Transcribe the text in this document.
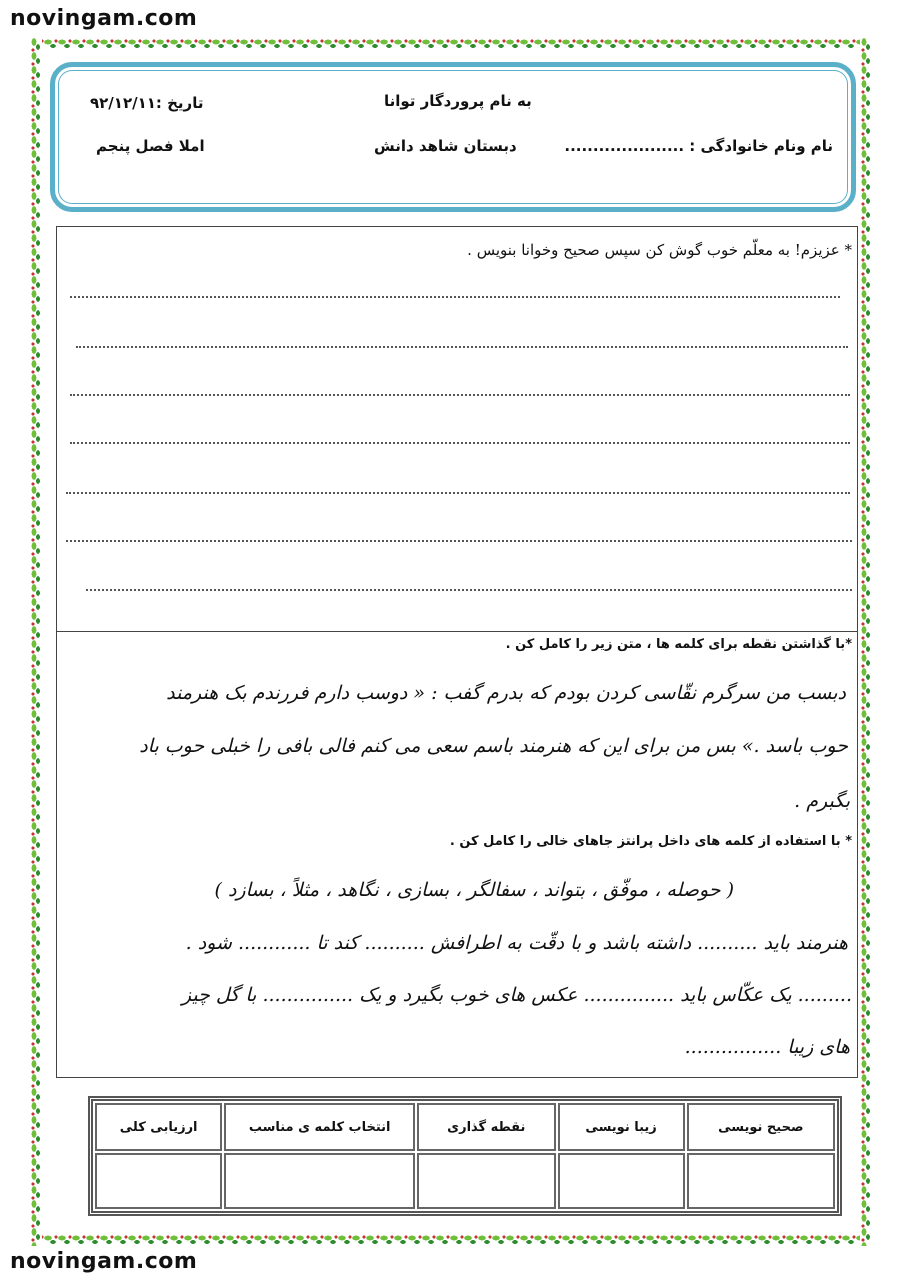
novingam.com
به نام پروردگار توانا
تاریخ :۹۲/۱۲/۱۱
نام ونام خانوادگی : .....................
دبستان شاهد دانش
املا فصل پنجم
* عزیزم! به معلّم خوب گوش کن سپس صحیح وخوانا بنویس .
*با گذاشتن نقطه برای کلمه ها ، متن زیر را کامل کن .
دبسب من سرگرم نقّاسی کردن بودم که بدرم گفب : « دوسب دارم فررندم بک هنرمند
حوب باسد .» بس من برای این که هنرمند باسم سعی می کنم فالی بافی را خبلی حوب باد
بگبرم .
* با استفاده از کلمه های داخل پرانتز جاهای خالی را کامل کن .
( حوصله ، موفّق ، بتواند ، سفالگر ، بسازی ، نگاهد ، مثلاً ، بسازد )
هنرمند باید .......... داشته باشد و با دقّت به اطرافش .......... کند تا ............ شود .
......... یک عکّاس باید ............... عکس های خوب بگیرد و یک ............... با گل چیز
های زیبا ................
صحیح نویسی	زیبا نویسی	نقطه گذاری	انتخاب کلمه ی مناسب	ارزیابی کلی

novingam.com
